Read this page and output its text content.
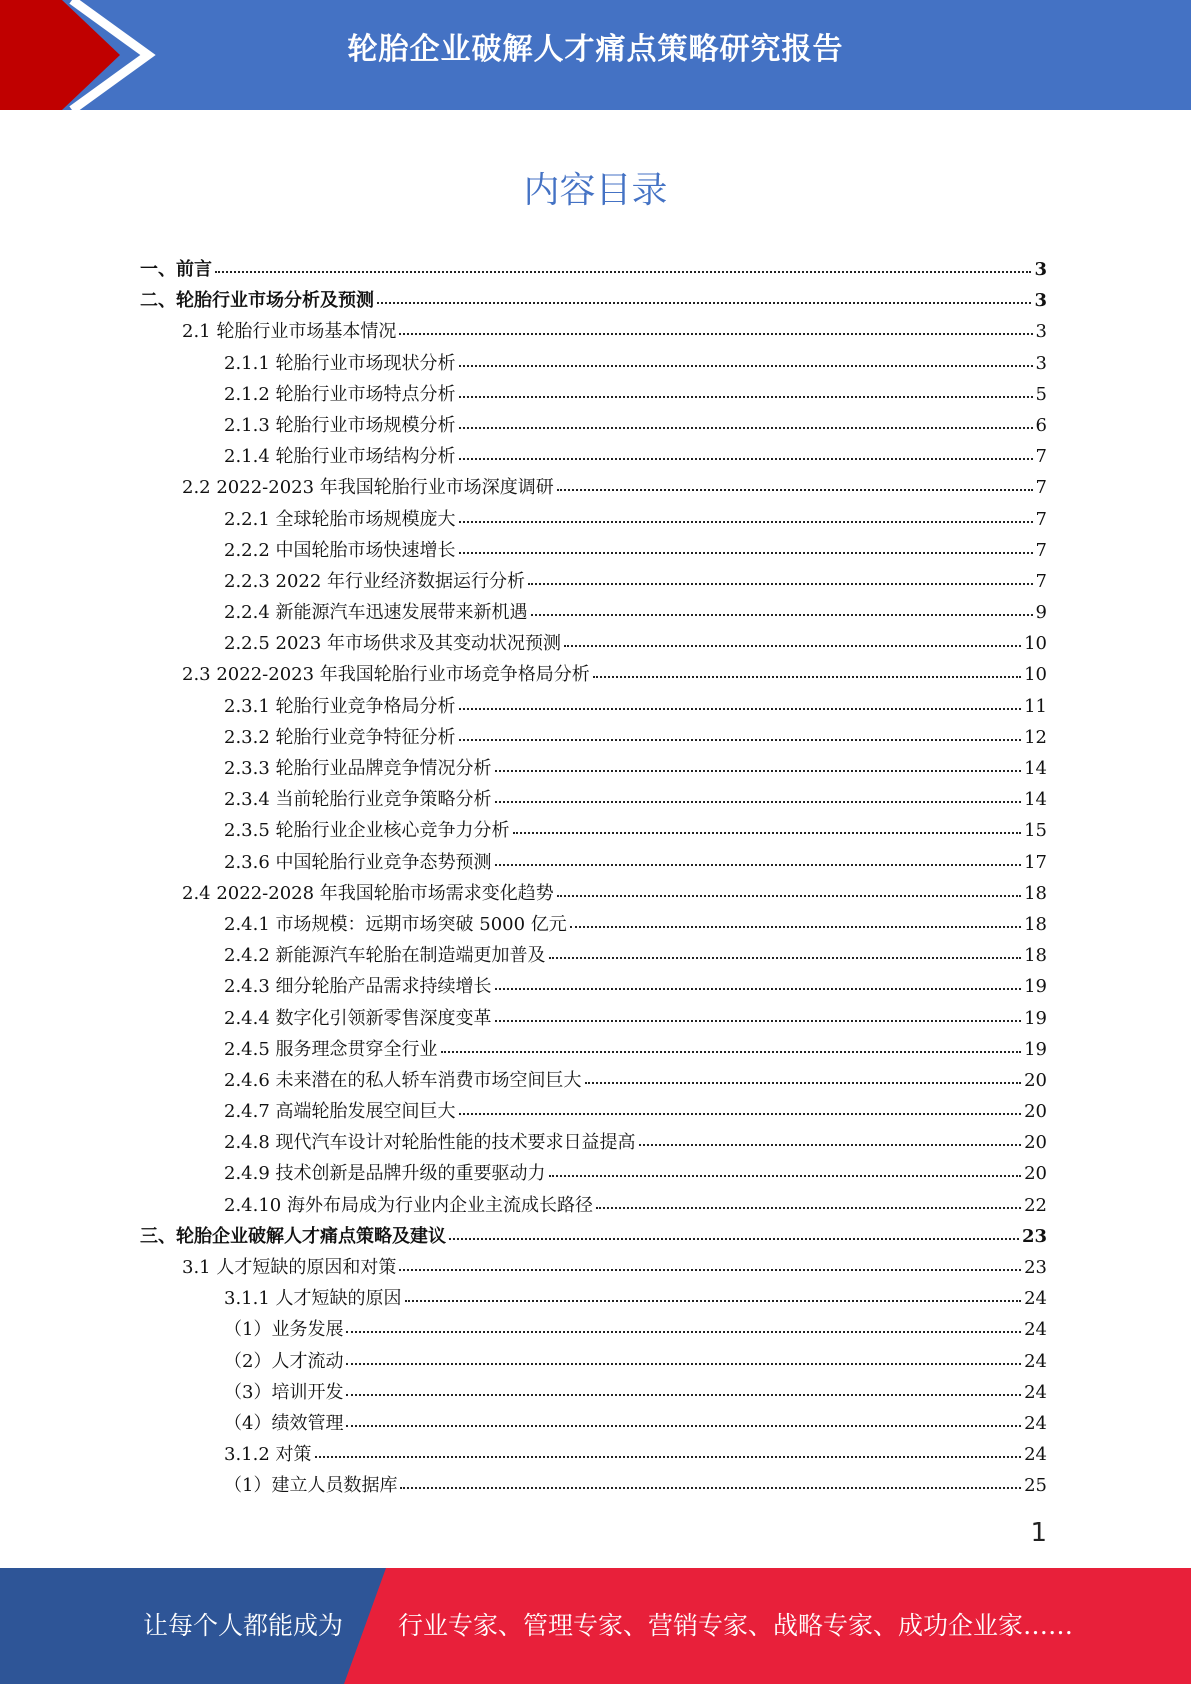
轮胎企业破解人才痛点策略研究报告
内容目录
一、前言	3
二、轮胎行业市场分析及预测	3
2.1 轮胎行业市场基本情况	3
2.1.1 轮胎行业市场现状分析	3
2.1.2 轮胎行业市场特点分析	5
2.1.3 轮胎行业市场规模分析	6
2.1.4 轮胎行业市场结构分析	7
2.2 2022-2023 年我国轮胎行业市场深度调研	7
2.2.1 全球轮胎市场规模庞大	7
2.2.2 中国轮胎市场快速增长	7
2.2.3 2022 年行业经济数据运行分析	7
2.2.4 新能源汽车迅速发展带来新机遇	9
2.2.5 2023 年市场供求及其变动状况预测	10
2.3 2022-2023 年我国轮胎行业市场竞争格局分析	10
2.3.1 轮胎行业竞争格局分析	11
2.3.2 轮胎行业竞争特征分析	12
2.3.3 轮胎行业品牌竞争情况分析	14
2.3.4 当前轮胎行业竞争策略分析	14
2.3.5 轮胎行业企业核心竞争力分析	15
2.3.6 中国轮胎行业竞争态势预测	17
2.4 2022-2028 年我国轮胎市场需求变化趋势	18
2.4.1 市场规模：远期市场突破 5000 亿元	18
2.4.2 新能源汽车轮胎在制造端更加普及	18
2.4.3 细分轮胎产品需求持续增长	19
2.4.4 数字化引领新零售深度变革	19
2.4.5 服务理念贯穿全行业	19
2.4.6 未来潜在的私人轿车消费市场空间巨大	20
2.4.7 高端轮胎发展空间巨大	20
2.4.8 现代汽车设计对轮胎性能的技术要求日益提高	20
2.4.9 技术创新是品牌升级的重要驱动力	20
2.4.10 海外布局成为行业内企业主流成长路径	22
三、轮胎企业破解人才痛点策略及建议	23
3.1 人才短缺的原因和对策	23
3.1.1 人才短缺的原因	24
（1）业务发展	24
（2）人才流动	24
（3）培训开发	24
（4）绩效管理	24
3.1.2 对策	24
（1）建立人员数据库	25
1
让每个人都能成为 行业专家、管理专家、营销专家、战略专家、成功企业家……
